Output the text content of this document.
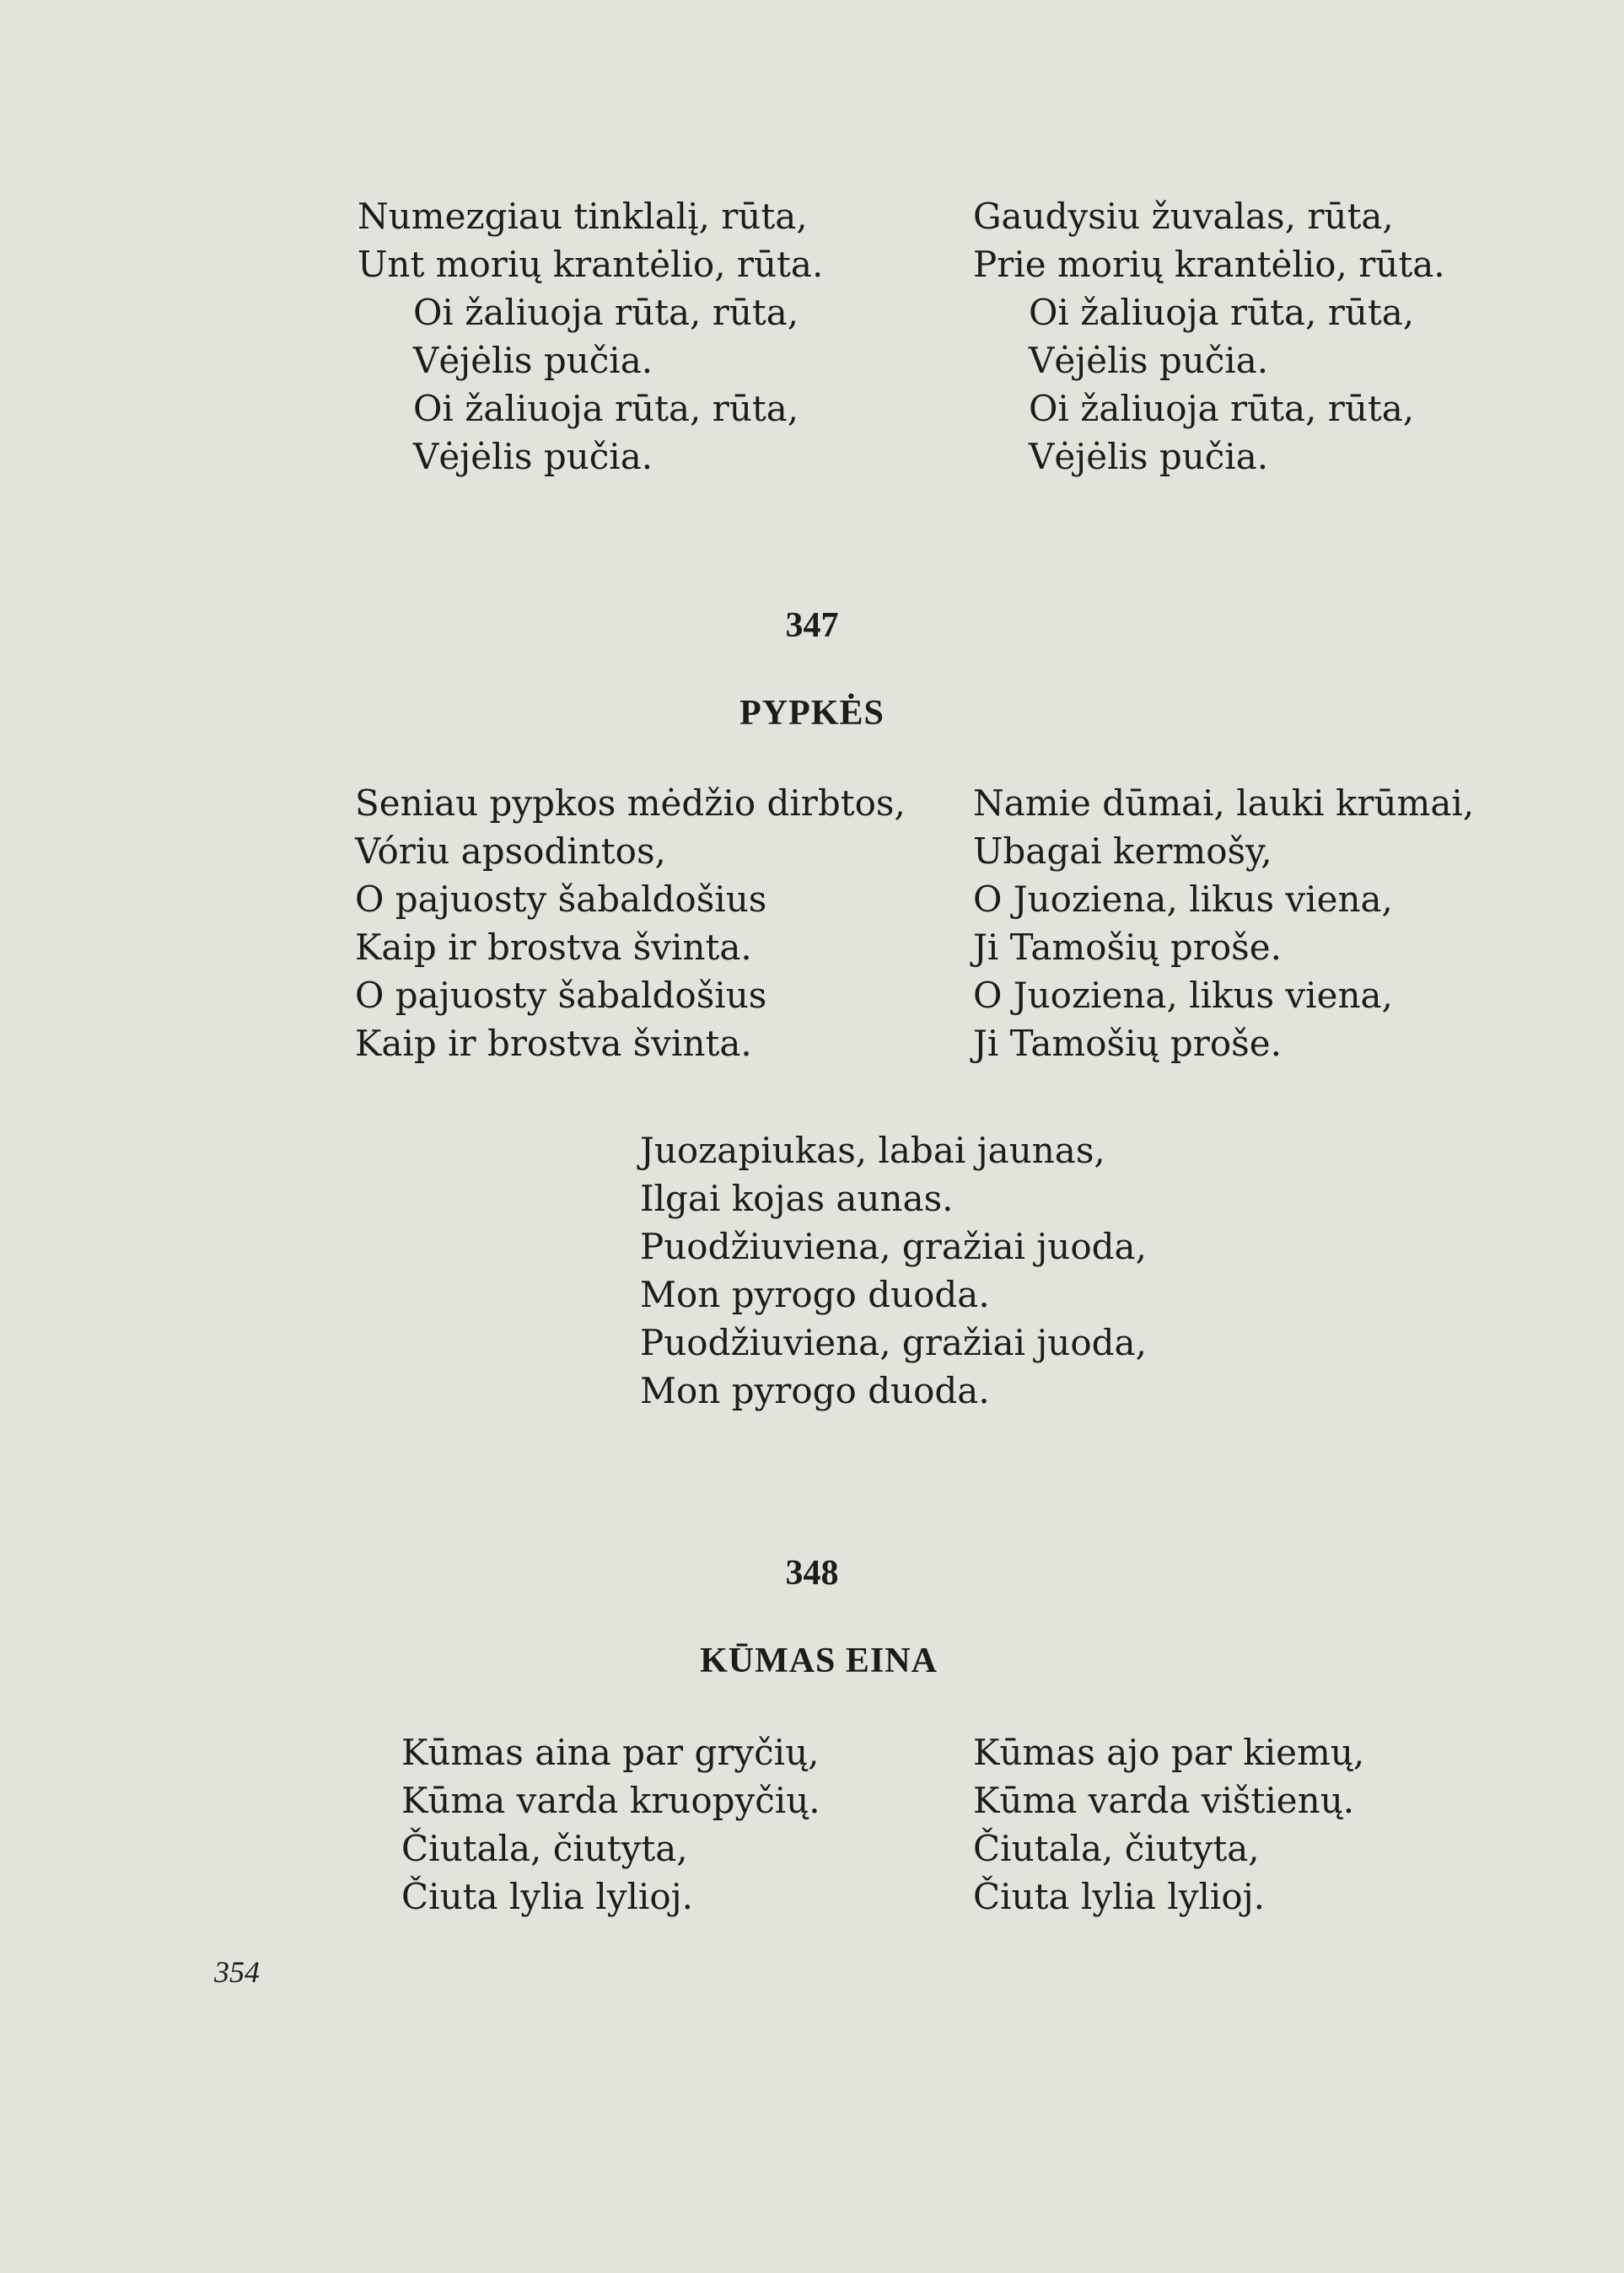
Numezgiau tinklalį, rūta,
Unt morių krantėlio, rūta.
Oi žaliuoja rūta, rūta,
Vėjėlis pučia.
Oi žaliuoja rūta, rūta,
Vėjėlis pučia.
Gaudysiu žuvalas, rūta,
Prie morių krantėlio, rūta.
Oi žaliuoja rūta, rūta,
Vėjėlis pučia.
Oi žaliuoja rūta, rūta,
Vėjėlis pučia.
347
PYPKĖS
Seniau pypkos mėdžio dirbtos,
Vóriu apsodintos,
O pajuosty šabaldošius
Kaip ir brostva švinta.
O pajuosty šabaldošius
Kaip ir brostva švinta.
Namie dūmai, lauki krūmai,
Ubagai kermošy,
O Juoziena, likus viena,
Ji Tamošių proše.
O Juoziena, likus viena,
Ji Tamošių proše.
Juozapiukas, labai jaunas,
Ilgai kojas aunas.
Puodžiuviena, gražiai juoda,
Mon pyrogo duoda.
Puodžiuviena, gražiai juoda,
Mon pyrogo duoda.
348
KŪMAS EINA
Kūmas aina par gryčių,
Kūma varda kruopyčių.
Čiutala, čiutyta,
Čiuta lylia lylioj.
Kūmas ajo par kiemų,
Kūma varda vištienų.
Čiutala, čiutyta,
Čiuta lylia lylioj.
354
